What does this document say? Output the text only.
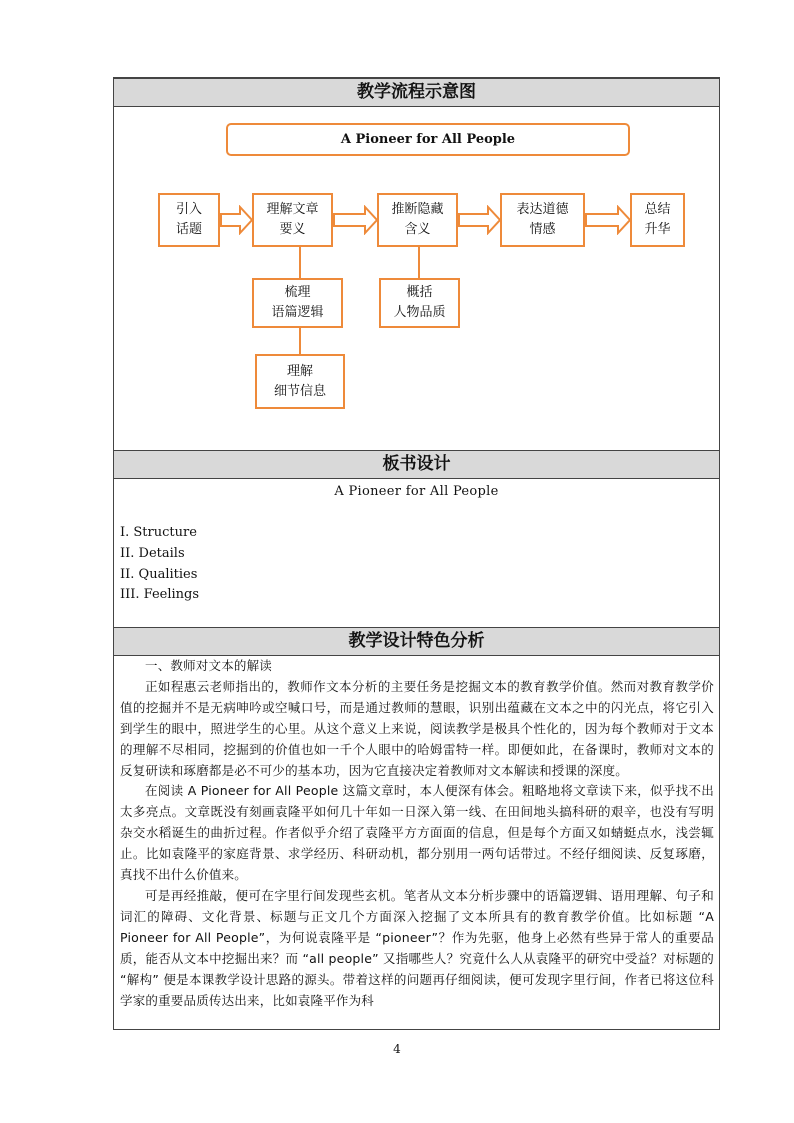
教学流程示意图
A Pioneer for All People
引入
话题
理解文章
要义
推断隐藏
含义
表达道德
情感
总结
升华
梳理
语篇逻辑
理解
细节信息
概括
人物品质
板书设计
A Pioneer for All People
I. Structure
II. Details
II. Qualities
III. Feelings
教学设计特色分析

一、教师对文本的解读

正如程惠云老师指出的，教师作文本分析的主要任务是挖掘文本的教育教学价值。然而对教育教学价值的挖掘并不是无病呻吟或空喊口号，而是通过教师的慧眼，识别出蕴藏在文本之中的闪光点，将它引入到学生的眼中，照进学生的心里。从这个意义上来说，阅读教学是极具个性化的，因为每个教师对于文本的理解不尽相同，挖掘到的价值也如一千个人眼中的哈姆雷特一样。即便如此，在备课时，教师对文本的反复研读和琢磨都是必不可少的基本功，因为它直接决定着教师对文本解读和授课的深度。

在阅读 A Pioneer for All People 这篇文章时，本人便深有体会。粗略地将文章读下来，似乎找不出太多亮点。文章既没有刻画袁隆平如何几十年如一日深入第一线、在田间地头搞科研的艰辛，也没有写明杂交水稻诞生的曲折过程。作者似乎介绍了袁隆平方方面面的信息，但是每个方面又如蜻蜓点水，浅尝辄止。比如袁隆平的家庭背景、求学经历、科研动机，都分别用一两句话带过。不经仔细阅读、反复琢磨，真找不出什么价值来。

可是再经推敲，便可在字里行间发现些玄机。笔者从文本分析步骤中的语篇逻辑、语用理解、句子和词汇的障碍、文化背景、标题与正文几个方面深入挖掘了文本所具有的教育教学价值。比如标题 “A Pioneer for All People”，为何说袁隆平是 “pioneer”？作为先驱，他身上必然有些异于常人的重要品质，能否从文本中挖掘出来？而 “all people” 又指哪些人？究竟什么人从袁隆平的研究中受益？对标题的 “解构” 便是本课教学设计思路的源头。带着这样的问题再仔细阅读，便可发现字里行间，作者已将这位科学家的重要品质传达出来，比如袁隆平作为科

4
